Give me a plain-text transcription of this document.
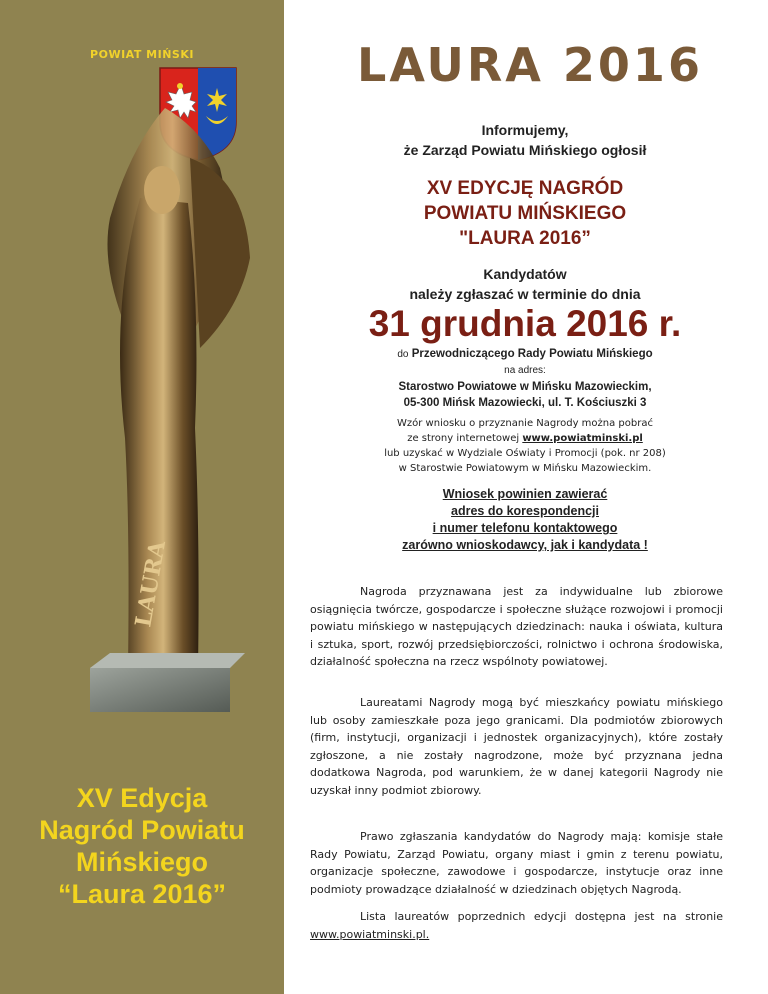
POWIAT MIŃSKI
LAURA
XV Edycja
Nagród Powiatu
Mińskiego
“Laura 2016”
LAURA 2016
Informujemy,
że Zarząd Powiatu Mińskiego ogłosił
XV EDYCJĘ NAGRÓD
POWIATU MIŃSKIEGO
"LAURA 2016”
Kandydatów
należy zgłaszać w terminie do dnia
31 grudnia 2016 r.
do Przewodniczącego Rady Powiatu Mińskiego
na adres:
Starostwo Powiatowe w Mińsku Mazowieckim,
05-300 Mińsk Mazowiecki, ul. T. Kościuszki 3
Wzór wniosku o przyznanie Nagrody można pobrać
ze strony internetowej www.powiatminski.pl
lub uzyskać w Wydziale Oświaty i Promocji (pok. nr 208)
w Starostwie Powiatowym w Mińsku Mazowieckim.
Wniosek powinien zawierać
adres do korespondencji
i numer telefonu kontaktowego
zarówno wnioskodawcy, jak i kandydata !

Nagroda przyznawana jest za indywidualne lub zbiorowe osiągnięcia twórcze, gospodarcze i społeczne służące rozwojowi i promocji powiatu mińskiego w następujących dziedzinach: nauka i oświata, kultura i sztuka, sport, rozwój przedsiębiorczości, rolnictwo i ochrona środowiska, działalność społeczna na rzecz wspólnoty powiatowej.

Laureatami Nagrody mogą być mieszkańcy powiatu mińskiego lub osoby zamieszkałe poza jego granicami. Dla podmiotów zbiorowych (firm, instytucji, organizacji i jednostek organizacyjnych), które zostały zgłoszone, a nie zostały nagrodzone, może być przyznana jedna dodatkowa Nagroda, pod warunkiem, że w danej kategorii Nagrody nie uzyskał inny podmiot zbiorowy.

Prawo zgłaszania kandydatów do Nagrody mają: komisje stałe Rady Powiatu, Zarząd Powiatu, organy miast i gmin z terenu powiatu, organizacje społeczne, zawodowe i gospodarcze, instytucje oraz inne podmioty prowadzące działalność w dziedzinach objętych Nagrodą.

Lista laureatów poprzednich edycji dostępna jest na stronie www.powiatminski.pl.
